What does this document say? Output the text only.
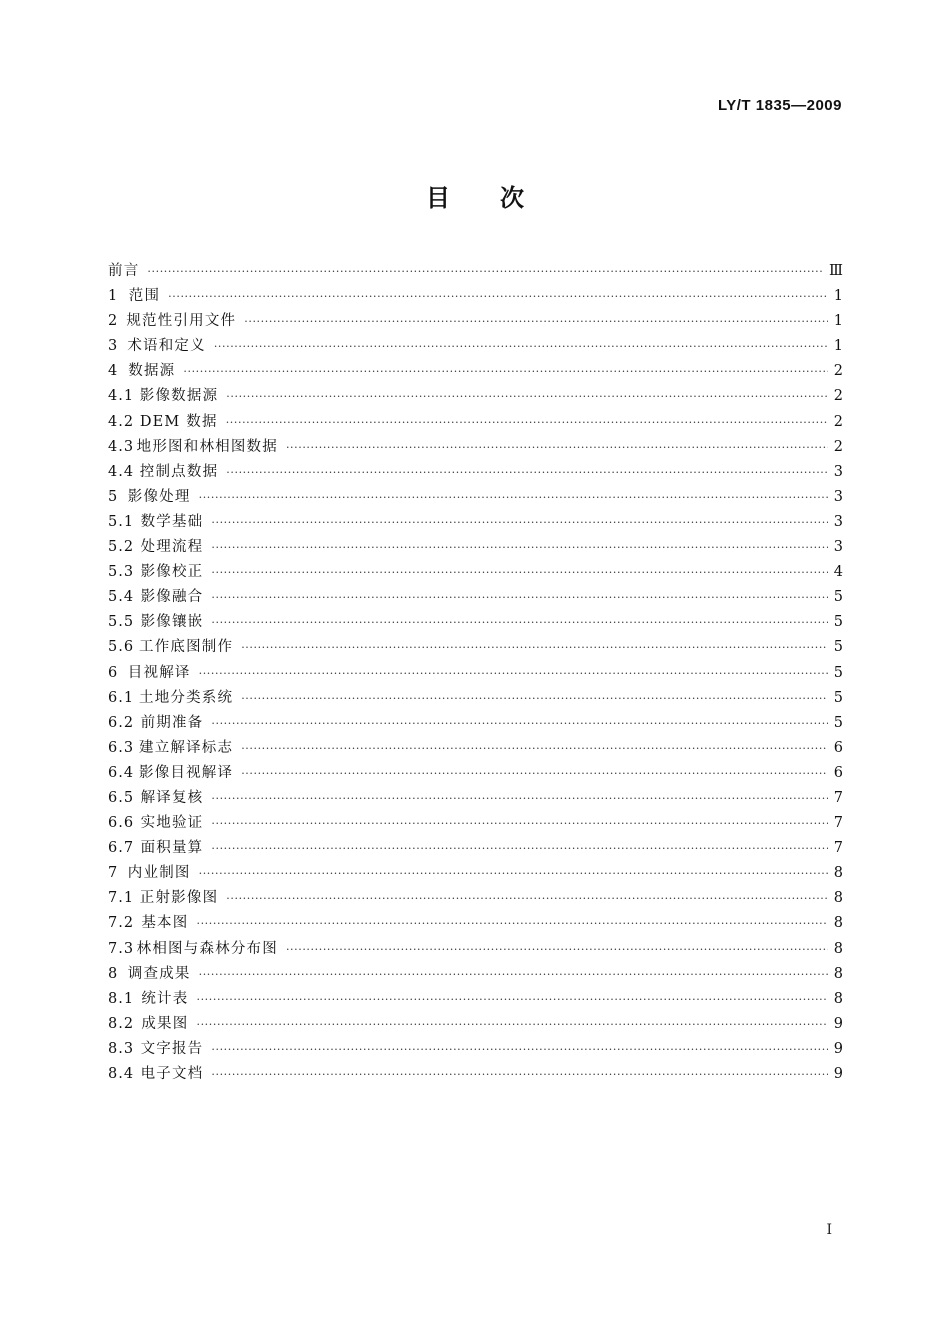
LY/T 1835—2009
目 次
前言 ·····	Ⅲ
1 范围 ·····	1
2 规范性引用文件 ·····	1
3 术语和定义 ·····	1
4 数据源 ·····	2
4.1 影像数据源 ·····	2
4.2 DEM 数据 ·····	2
4.3 地形图和林相图数据 ·····	2
4.4 控制点数据 ·····	3
5 影像处理 ·····	3
5.1 数学基础 ·····	3
5.2 处理流程 ·····	3
5.3 影像校正 ·····	4
5.4 影像融合 ·····	5
5.5 影像镶嵌 ·····	5
5.6 工作底图制作 ·····	5
6 目视解译 ·····	5
6.1 土地分类系统 ·····	5
6.2 前期准备 ·····	5
6.3 建立解译标志 ·····	6
6.4 影像目视解译 ·····	6
6.5 解译复核 ·····	7
6.6 实地验证 ·····	7
6.7 面积量算 ·····	7
7 内业制图 ·····	8
7.1 正射影像图 ·····	8
7.2 基本图 ·····	8
7.3 林相图与森林分布图 ·····	8
8 调查成果 ·····	8
8.1 统计表 ·····	8
8.2 成果图 ·····	9
8.3 文字报告 ·····	9
8.4 电子文档 ·····	9
I
